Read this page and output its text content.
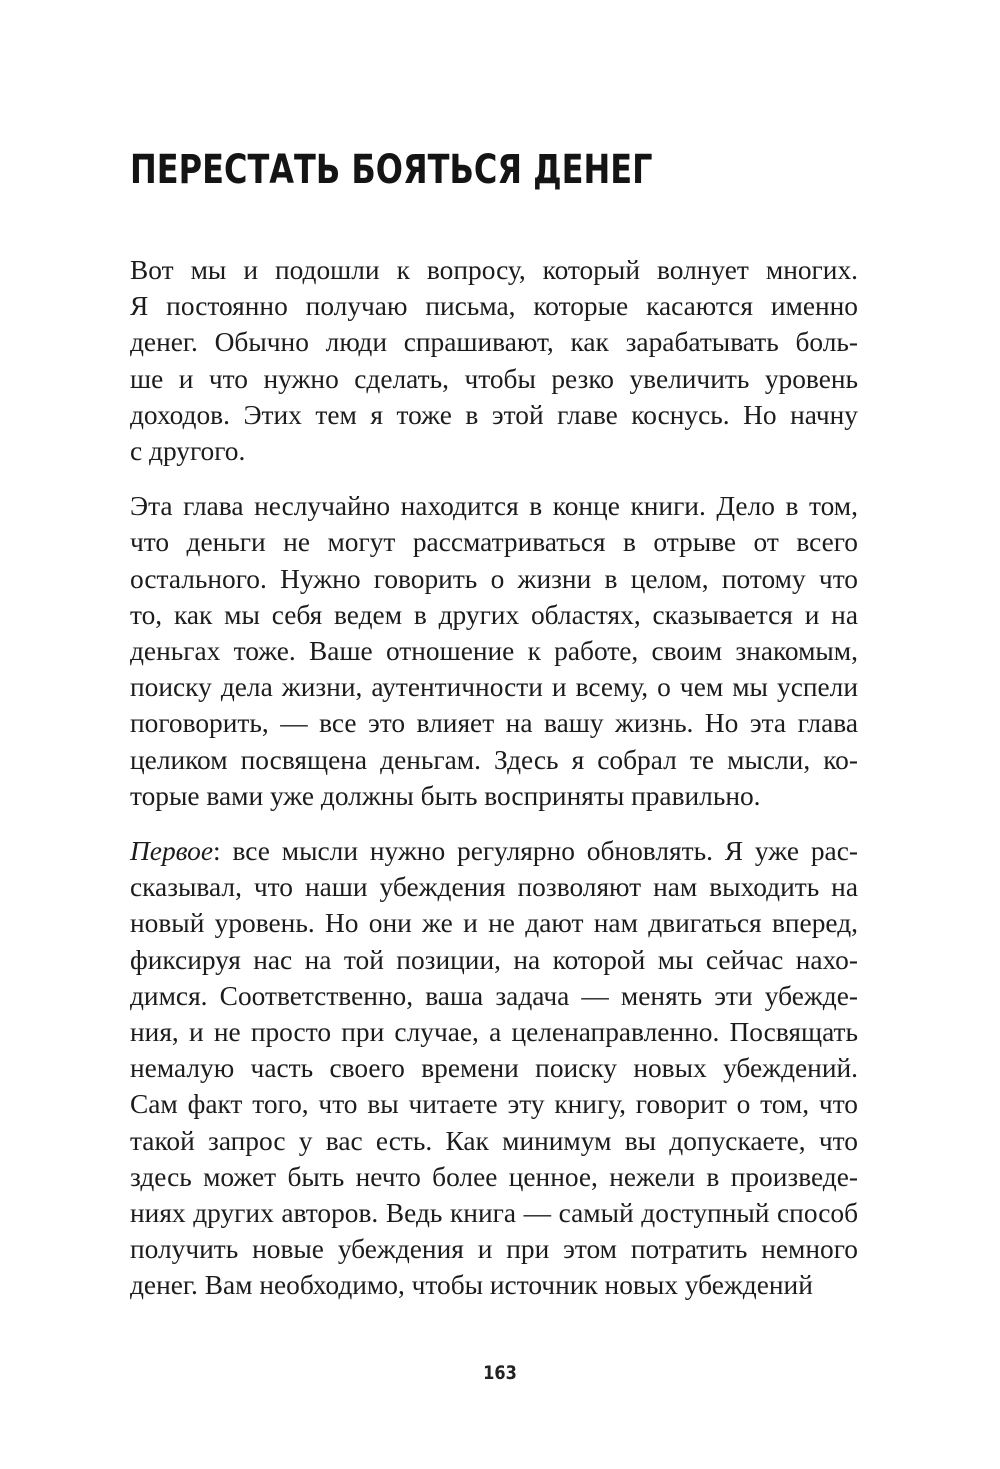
ПЕРЕСТАТЬ БОЯТЬСЯ ДЕНЕГ

Вот мы и подошли к вопросу, который волнует многих.
Я постоянно получаю письма, которые касаются именно
денег. Обычно люди спрашивают, как зарабатывать боль-
ше и что нужно сделать, чтобы резко увеличить уровень
доходов. Этих тем я тоже в этой главе коснусь. Но начну
с другого.

Эта глава неслучайно находится в конце книги. Дело в том,
что деньги не могут рассматриваться в отрыве от всего
остального. Нужно говорить о жизни в целом, потому что
то, как мы себя ведем в других областях, сказывается и на
деньгах тоже. Ваше отношение к работе, своим знакомым,
поиску дела жизни, аутентичности и всему, о чем мы успели
поговорить, — все это влияет на вашу жизнь. Но эта глава
целиком посвящена деньгам. Здесь я собрал те мысли, ко-
торые вами уже должны быть восприняты правильно.

Первое: все мысли нужно регулярно обновлять. Я уже рас-
сказывал, что наши убеждения позволяют нам выходить на
новый уровень. Но они же и не дают нам двигаться вперед,
фиксируя нас на той позиции, на которой мы сейчас нахо-
димся. Соответственно, ваша задача — менять эти убежде-
ния, и не просто при случае, а целенаправленно. Посвящать
немалую часть своего времени поиску новых убеждений.
Сам факт того, что вы читаете эту книгу, говорит о том, что
такой запрос у вас есть. Как минимум вы допускаете, что
здесь может быть нечто более ценное, нежели в произведе-
ниях других авторов. Ведь книга — самый доступный способ
получить новые убеждения и при этом потратить немного
денег. Вам необходимо, чтобы источник новых убеждений

163
